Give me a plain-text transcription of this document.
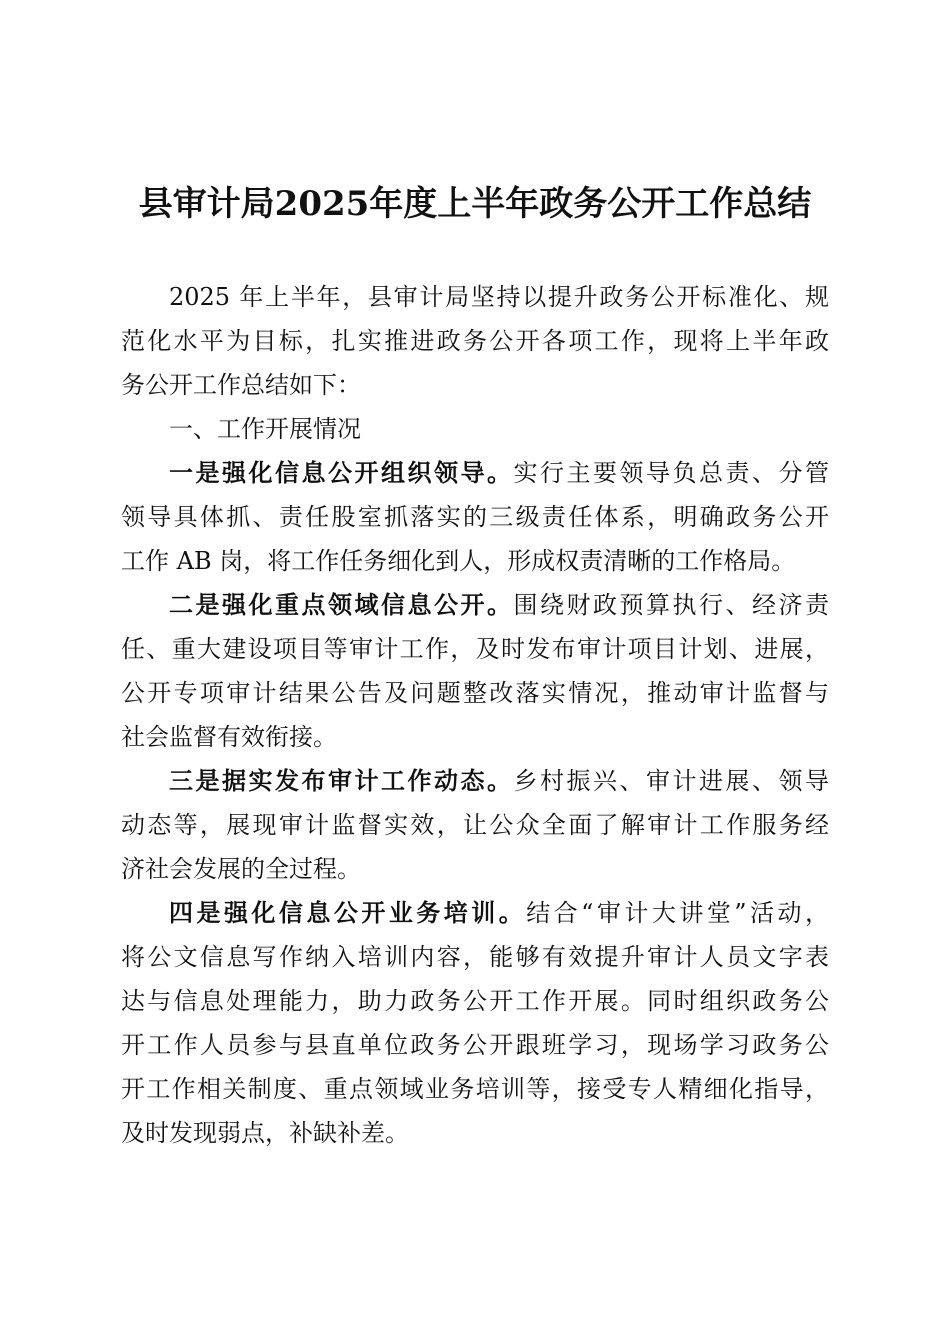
县审计局2025年度上半年政务公开工作总结
2025 年上半年，县审计局坚持以提升政务公开标准化、规
范化水平为目标，扎实推进政务公开各项工作，现将上半年政
务公开工作总结如下：
一、工作开展情况
一是强化信息公开组织领导。实行主要领导负总责、分管
领导具体抓、责任股室抓落实的三级责任体系，明确政务公开
工作 AB 岗，将工作任务细化到人，形成权责清晰的工作格局。
二是强化重点领域信息公开。围绕财政预算执行、经济责
任、重大建设项目等审计工作，及时发布审计项目计划、进展，
公开专项审计结果公告及问题整改落实情况，推动审计监督与
社会监督有效衔接。
三是据实发布审计工作动态。乡村振兴、审计进展、领导
动态等，展现审计监督实效，让公众全面了解审计工作服务经
济社会发展的全过程。
四是强化信息公开业务培训。结合“审计大讲堂”活动，
将公文信息写作纳入培训内容，能够有效提升审计人员文字表
达与信息处理能力，助力政务公开工作开展。同时组织政务公
开工作人员参与县直单位政务公开跟班学习，现场学习政务公
开工作相关制度、重点领域业务培训等，接受专人精细化指导，
及时发现弱点，补缺补差。
